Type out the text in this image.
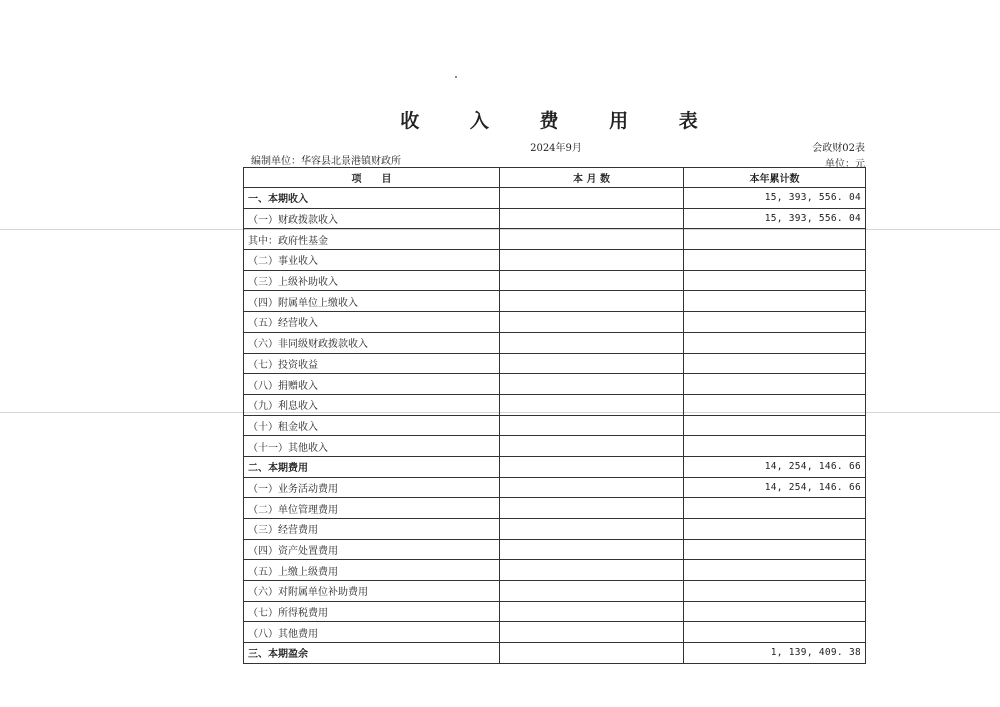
收 入 费 用 表
2024年9月	会政财02表
编制单位：华容县北景港镇财政所	单位：元
项　　目	本 月 数	本年累计数
一、本期收入		15, 393, 556. 04
（一）财政拨款收入		15, 393, 556. 04
其中：政府性基金		
（二）事业收入		
（三）上级补助收入		
（四）附属单位上缴收入		
（五）经营收入		
（六）非同级财政拨款收入		
（七）投资收益		
（八）捐赠收入		
（九）利息收入		
（十）租金收入		
（十一）其他收入		
二、本期费用		14, 254, 146. 66
（一）业务活动费用		14, 254, 146. 66
（二）单位管理费用		
（三）经营费用		
（四）资产处置费用		
（五）上缴上级费用		
（六）对附属单位补助费用		
（七）所得税费用		
（八）其他费用		
三、本期盈余		1, 139, 409. 38
